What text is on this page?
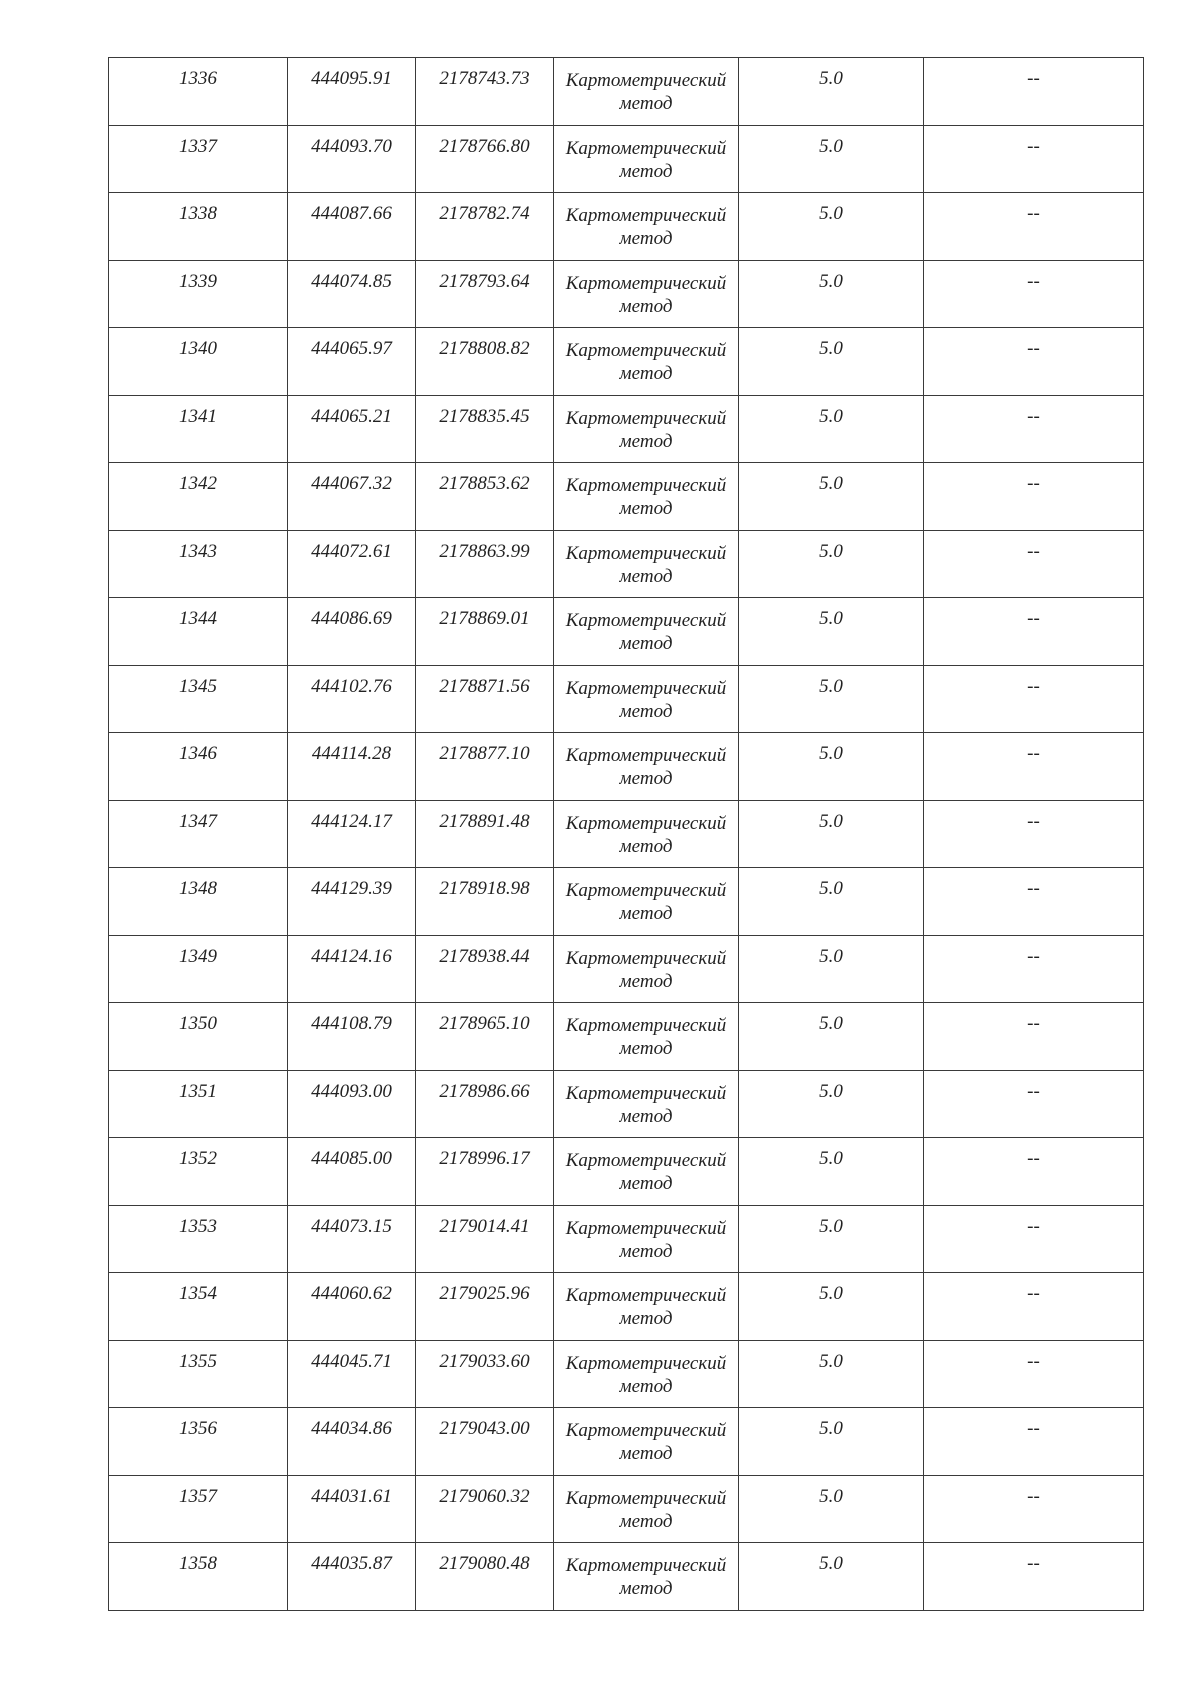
1336	444095.91	2178743.73	Картометрический метод	5.0	--

1337	444093.70	2178766.80	Картометрический метод	5.0	--

1338	444087.66	2178782.74	Картометрический метод	5.0	--

1339	444074.85	2178793.64	Картометрический метод	5.0	--

1340	444065.97	2178808.82	Картометрический метод	5.0	--

1341	444065.21	2178835.45	Картометрический метод	5.0	--

1342	444067.32	2178853.62	Картометрический метод	5.0	--

1343	444072.61	2178863.99	Картометрический метод	5.0	--

1344	444086.69	2178869.01	Картометрический метод	5.0	--

1345	444102.76	2178871.56	Картометрический метод	5.0	--

1346	444114.28	2178877.10	Картометрический метод	5.0	--

1347	444124.17	2178891.48	Картометрический метод	5.0	--

1348	444129.39	2178918.98	Картометрический метод	5.0	--

1349	444124.16	2178938.44	Картометрический метод	5.0	--

1350	444108.79	2178965.10	Картометрический метод	5.0	--

1351	444093.00	2178986.66	Картометрический метод	5.0	--

1352	444085.00	2178996.17	Картометрический метод	5.0	--

1353	444073.15	2179014.41	Картометрический метод	5.0	--

1354	444060.62	2179025.96	Картометрический метод	5.0	--

1355	444045.71	2179033.60	Картометрический метод	5.0	--

1356	444034.86	2179043.00	Картометрический метод	5.0	--

1357	444031.61	2179060.32	Картометрический метод	5.0	--

1358	444035.87	2179080.48	Картометрический метод	5.0	--
